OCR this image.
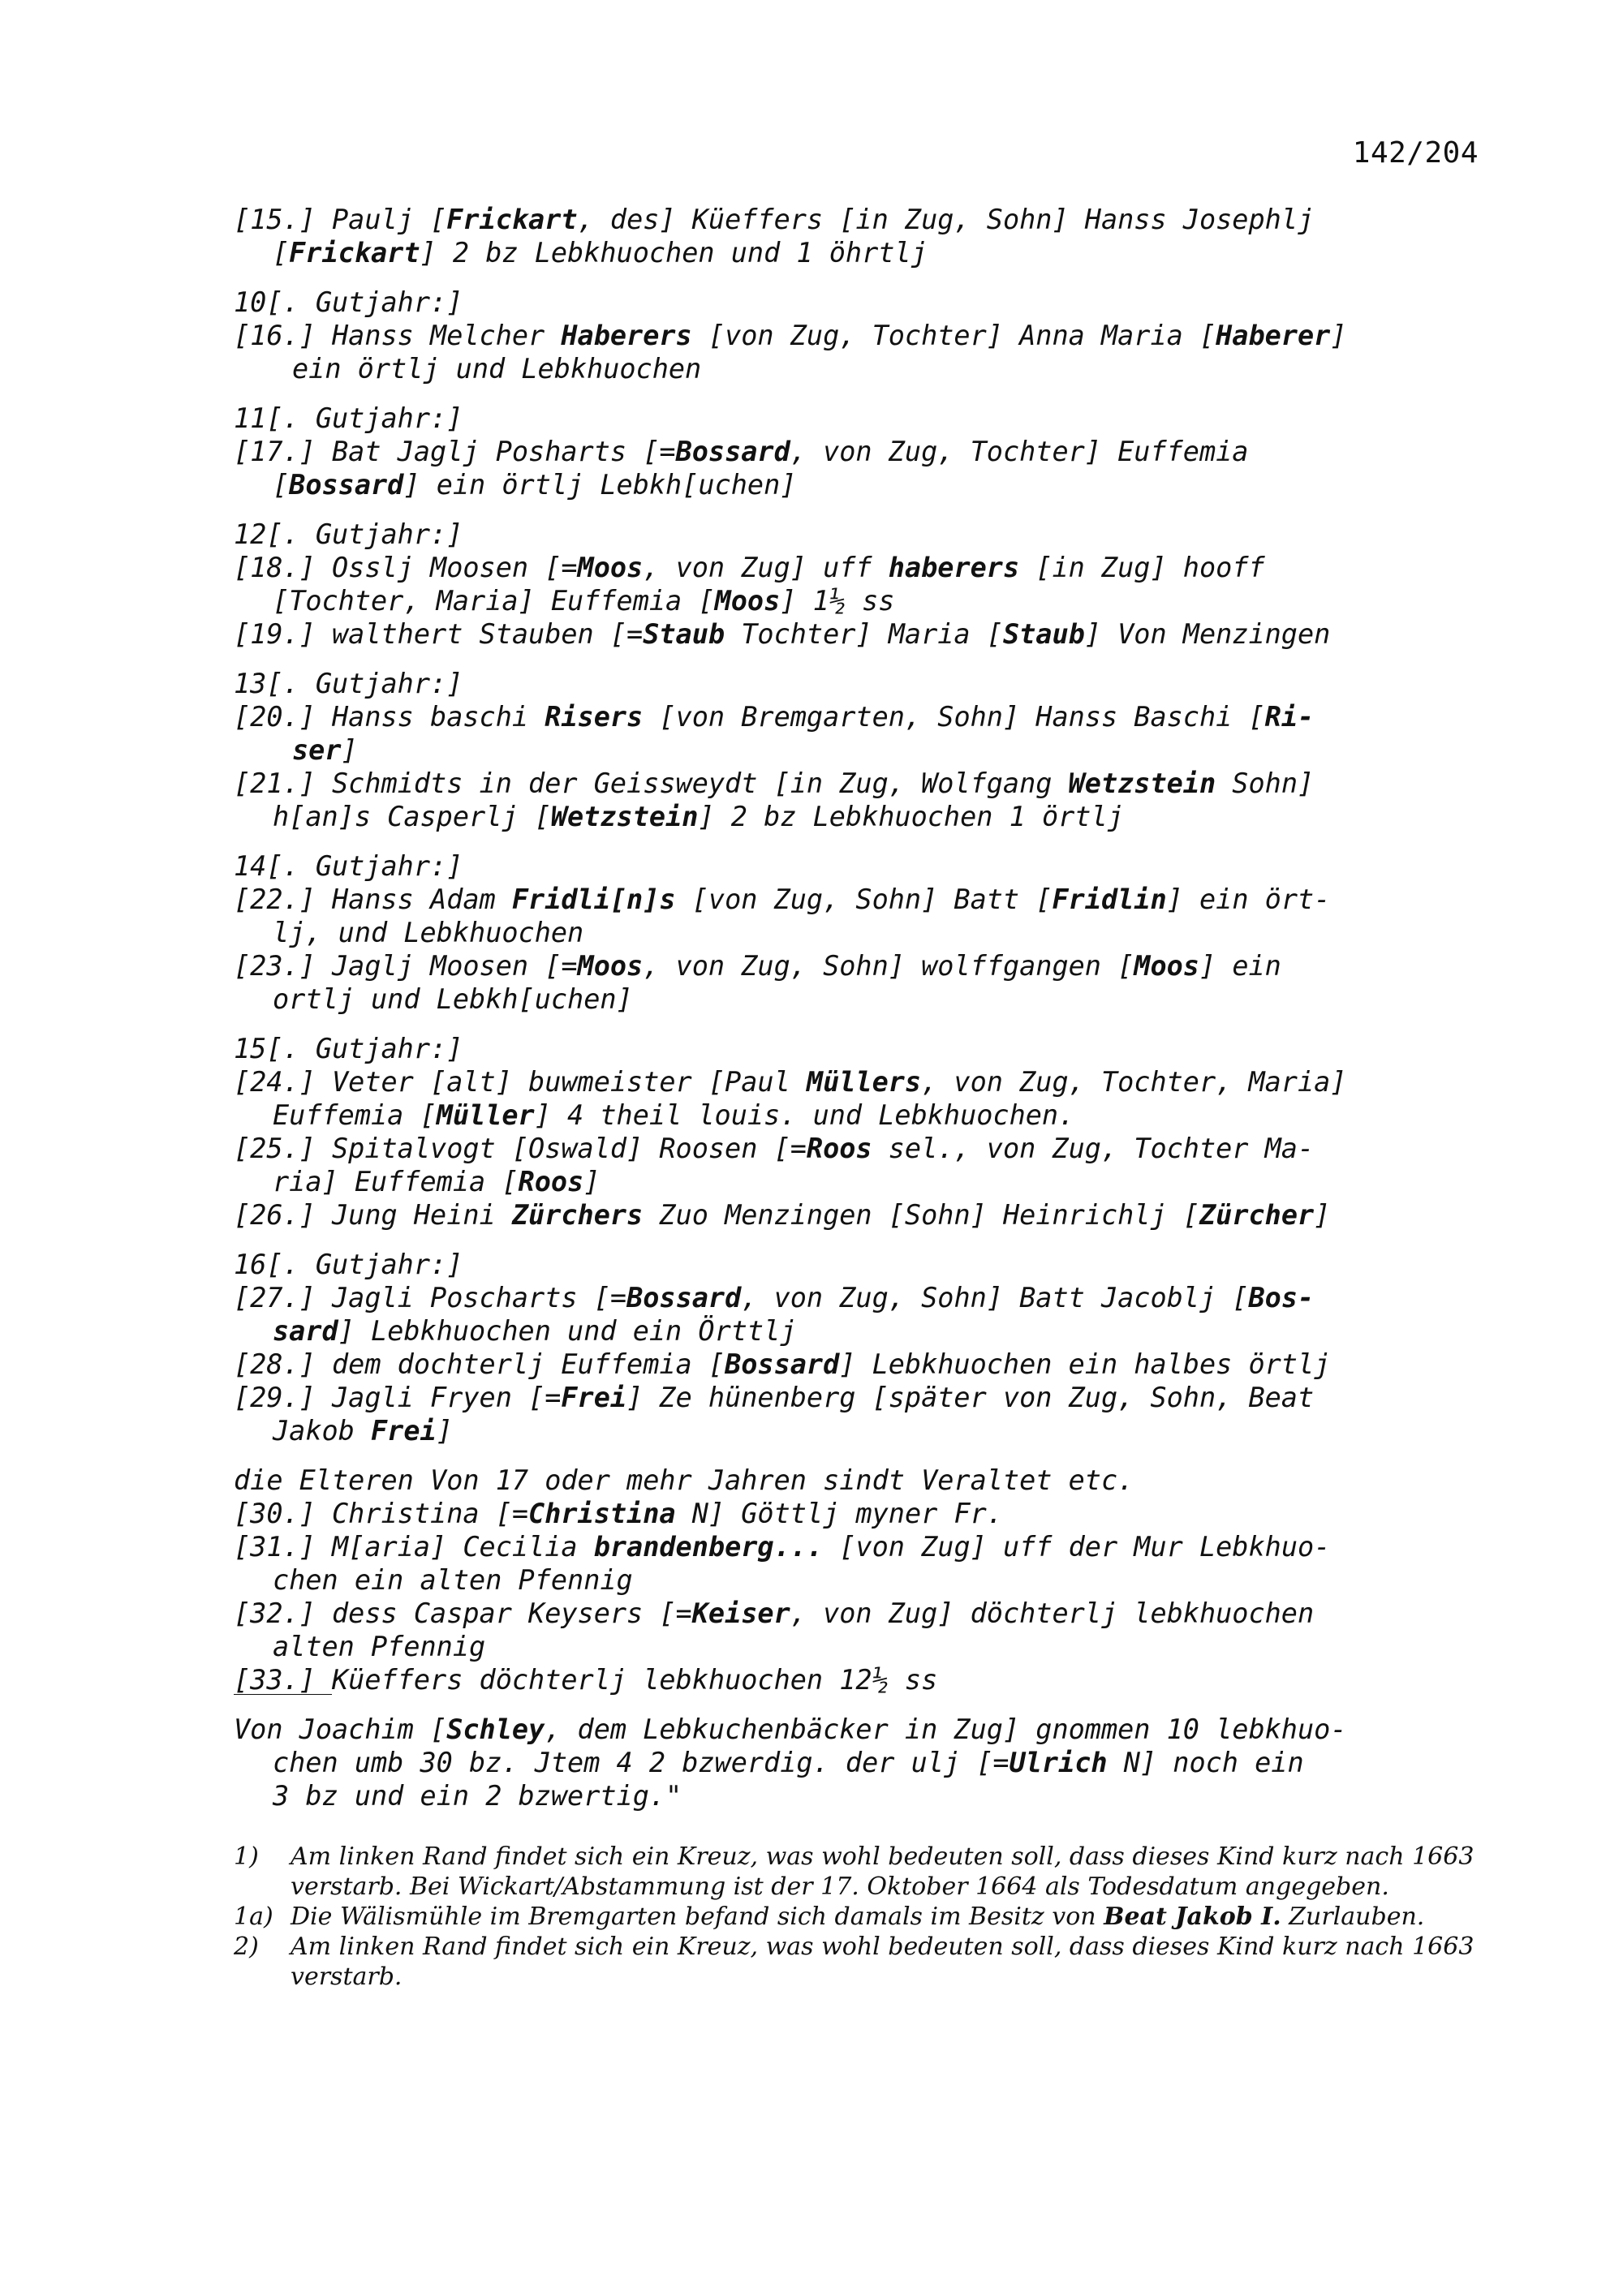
142/204
[15.] Paulj [Frickart, des] Küeffers [in Zug, Sohn] Hanss Josephlj
[Frickart] 2 bz Lebkhuochen und 1 öhrtlj
10[. Gutjahr:]
[16.] Hanss Melcher Haberers [von Zug, Tochter] Anna Maria [Haberer]
ein örtlj und Lebkhuochen
11[. Gutjahr:]
[17.] Bat Jaglj Posharts [=Bossard, von Zug, Tochter] Euffemia
[Bossard] ein örtlj Lebkh[uchen]
12[. Gutjahr:]
[18.] Osslj Moosen [=Moos, von Zug] uff haberers [in Zug] hooff
[Tochter, Maria] Euffemia [Moos] 1½ ss
[19.] walthert Stauben [=Staub Tochter] Maria [Staub] Von Menzingen
13[. Gutjahr:]
[20.] Hanss baschi Risers [von Bremgarten, Sohn] Hanss Baschi [Ri-
ser]
[21.] Schmidts in der Geissweydt [in Zug, Wolfgang Wetzstein Sohn]
h[an]s Casperlj [Wetzstein] 2 bz Lebkhuochen 1 örtlj
14[. Gutjahr:]
[22.] Hanss Adam Fridli[n]s [von Zug, Sohn] Batt [Fridlin] ein ört-
lj, und Lebkhuochen
[23.] Jaglj Moosen [=Moos, von Zug, Sohn] wolffgangen [Moos] ein
ortlj und Lebkh[uchen]
15[. Gutjahr:]
[24.] Veter [alt] buwmeister [Paul Müllers, von Zug, Tochter, Maria]
Euffemia [Müller] 4 theil louis. und Lebkhuochen.
[25.] Spitalvogt [Oswald] Roosen [=Roos sel., von Zug, Tochter Ma-
ria] Euffemia [Roos]
[26.] Jung Heini Zürchers Zuo Menzingen [Sohn] Heinrichlj [Zürcher]
16[. Gutjahr:]
[27.] Jagli Poscharts [=Bossard, von Zug, Sohn] Batt Jacoblj [Bos-
sard] Lebkhuochen und ein Örttlj
[28.] dem dochterlj Euffemia [Bossard] Lebkhuochen ein halbes örtlj
[29.] Jagli Fryen [=Frei] Ze hünenberg [später von Zug, Sohn, Beat
Jakob Frei]
die Elteren Von 17 oder mehr Jahren sindt Veraltet etc.
[30.] Christina [=Christina N] Göttlj myner Fr.
[31.] M[aria] Cecilia brandenberg... [von Zug] uff der Mur Lebkhuo-
chen ein alten Pfennig
[32.] dess Caspar Keysers [=Keiser, von Zug] döchterlj lebkhuochen
alten Pfennig
[33.] Küeffers döchterlj lebkhuochen 12½ ss
Von Joachim [Schley, dem Lebkuchenbäcker in Zug] gnommen 10 lebkhuo-
chen umb 30 bz. Jtem 4 2 bzwerdig. der ulj [=Ulrich N] noch ein
3 bz und ein 2 bzwertig."
1)	Am linken Rand findet sich ein Kreuz, was wohl bedeuten soll, dass dieses Kind kurz nach 1663 verstarb. Bei Wickart/Abstammung ist der 17. Oktober 1664 als Todesdatum angegeben.
1a) Die Wälismühle im Bremgarten befand sich damals im Besitz von Beat Jakob I. Zurlauben.
2)	Am linken Rand findet sich ein Kreuz, was wohl bedeuten soll, dass dieses Kind kurz nach 1663 verstarb.
